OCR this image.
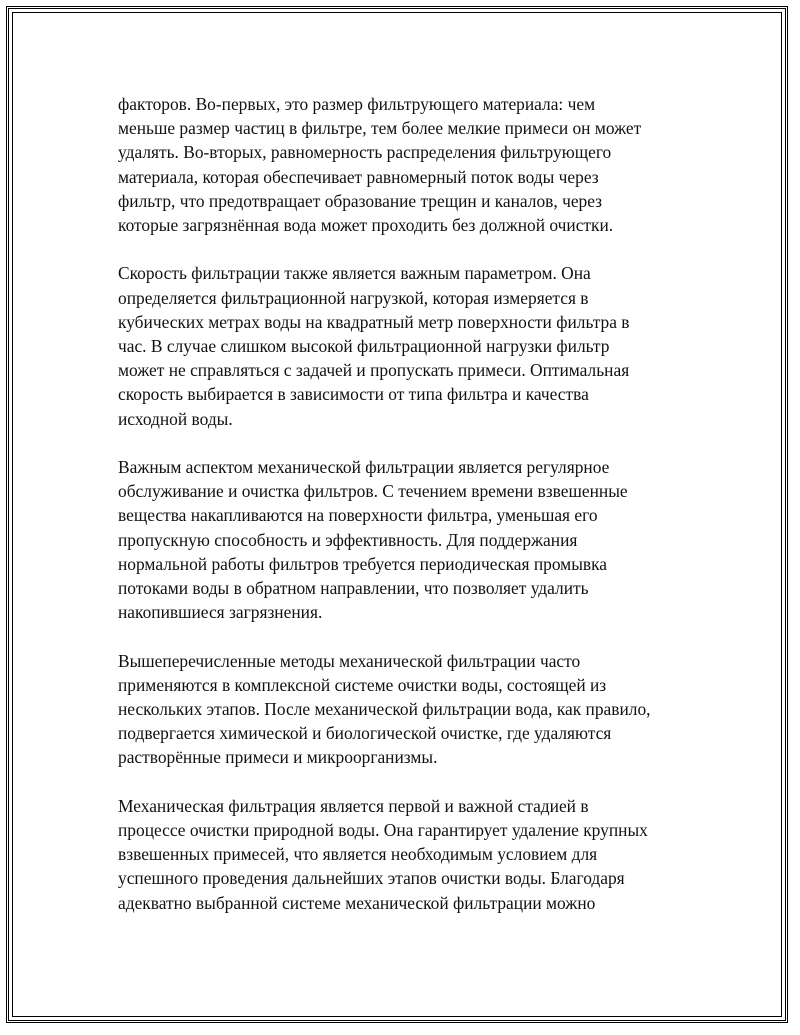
факторов. Во-первых, это размер фильтрующего материала: чем
меньше размер частиц в фильтре, тем более мелкие примеси он может
удалять. Во-вторых, равномерность распределения фильтрующего
материала, которая обеспечивает равномерный поток воды через
фильтр, что предотвращает образование трещин и каналов, через
которые загрязнённая вода может проходить без должной очистки.

Скорость фильтрации также является важным параметром. Она
определяется фильтрационной нагрузкой, которая измеряется в
кубических метрах воды на квадратный метр поверхности фильтра в
час. В случае слишком высокой фильтрационной нагрузки фильтр
может не справляться с задачей и пропускать примеси. Оптимальная
скорость выбирается в зависимости от типа фильтра и качества
исходной воды.

Важным аспектом механической фильтрации является регулярное
обслуживание и очистка фильтров. С течением времени взвешенные
вещества накапливаются на поверхности фильтра, уменьшая его
пропускную способность и эффективность. Для поддержания
нормальной работы фильтров требуется периодическая промывка
потоками воды в обратном направлении, что позволяет удалить
накопившиеся загрязнения.

Вышеперечисленные методы механической фильтрации часто
применяются в комплексной системе очистки воды, состоящей из
нескольких этапов. После механической фильтрации вода, как правило,
подвергается химической и биологической очистке, где удаляются
растворённые примеси и микроорганизмы.

Механическая фильтрация является первой и важной стадией в
процессе очистки природной воды. Она гарантирует удаление крупных
взвешенных примесей, что является необходимым условием для
успешного проведения дальнейших этапов очистки воды. Благодаря
адекватно выбранной системе механической фильтрации можно
